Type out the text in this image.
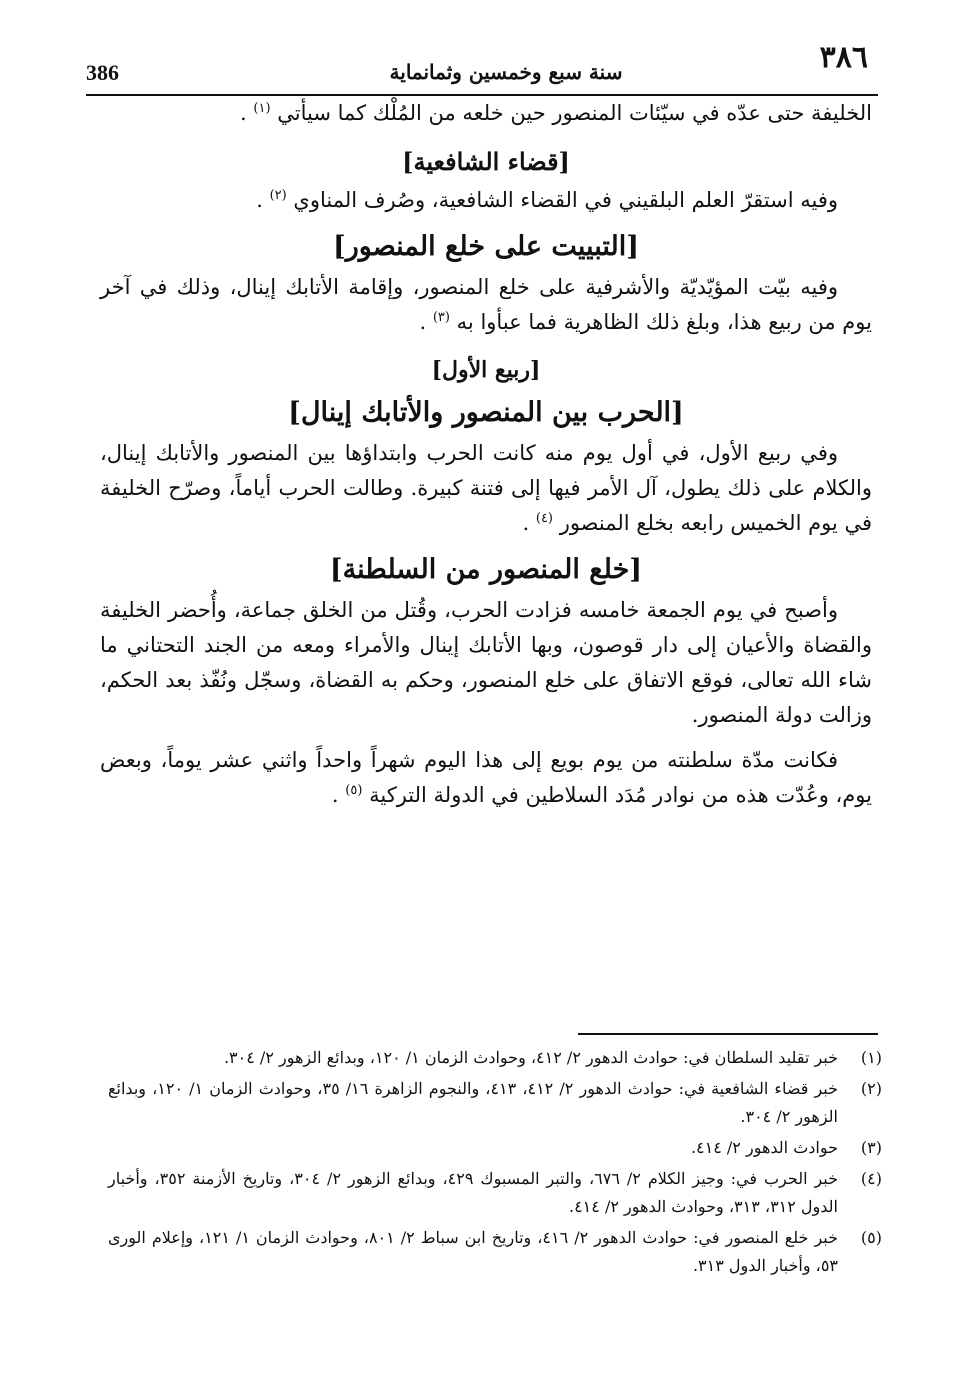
386	سنة سبع وخمسين وثمانماية	٣٨٦

الخليفة حتى عدّه في سيّئات المنصور حين خلعه من المُلْك كما سيأتي $^{(١)}$ .

[قضاء الشافعية]

وفيه استقرّ العلم البلقيني في القضاء الشافعية، وصُرف المناوي $^{(٢)}$ .

[التبييت على خلع المنصور]

وفيه بيّت المؤيّديّة والأشرفية على خلع المنصور، وإقامة الأتابك إينال، وذلك في آخر يوم من ربيع هذا، وبلغ ذلك الظاهرية فما عبأوا به $^{(٣)}$ .

[ربيع الأول]
[الحرب بين المنصور والأتابك إينال]

وفي ربيع الأول، في أول يوم منه كانت الحرب وابتداؤها بين المنصور والأتابك إينال، والكلام على ذلك يطول، آل الأمر فيها إلى فتنة كبيرة. وطالت الحرب أياماً، وصرّح الخليفة في يوم الخميس رابعه بخلع المنصور $^{(٤)}$ .

[خلع المنصور من السلطنة]

وأصبح في يوم الجمعة خامسه فزادت الحرب، وقُتل من الخلق جماعة، وأُحضر الخليفة والقضاة والأعيان إلى دار قوصون، وبها الأتابك إينال والأمراء ومعه من الجند التحتاني ما شاء الله تعالى، فوقع الاتفاق على خلع المنصور، وحكم به القضاة، وسجّل ونُفّذ بعد الحكم، وزالت دولة المنصور.

فكانت مدّة سلطنته من يوم بويع إلى هذا اليوم شهراً واحداً واثني عشر يوماً، وبعض يوم، وعُدّت هذه من نوادر مُدَد السلاطين في الدولة التركية $^{(٥)}$ .

(١)
خبر تقليد السلطان في: حوادث الدهور ٢/ ٤١٢، وحوادث الزمان ١/ ١٢٠، وبدائع الزهور ٢/ ٣٠٤.

(٢)
خبر قضاء الشافعية في: حوادث الدهور ٢/ ٤١٢، ٤١٣، والنجوم الزاهرة ١٦/ ٣٥، وحوادث الزمان ١/ ١٢٠، وبدائع الزهور ٢/ ٣٠٤.

(٣)
حوادث الدهور ٢/ ٤١٤.

(٤)
خبر الحرب في: وجيز الكلام ٢/ ٦٧٦، والتبر المسبوك ٤٢٩، وبدائع الزهور ٢/ ٣٠٤، وتاريخ الأزمنة ٣٥٢، وأخبار الدول ٣١٢، ٣١٣، وحوادث الدهور ٢/ ٤١٤.

(٥)
خبر خلع المنصور في: حوادث الدهور ٢/ ٤١٦، وتاريخ ابن سباط ٢/ ٨٠١، وحوادث الزمان ١/ ١٢١، وإعلام الورى ٥٣، وأخبار الدول ٣١٣.
